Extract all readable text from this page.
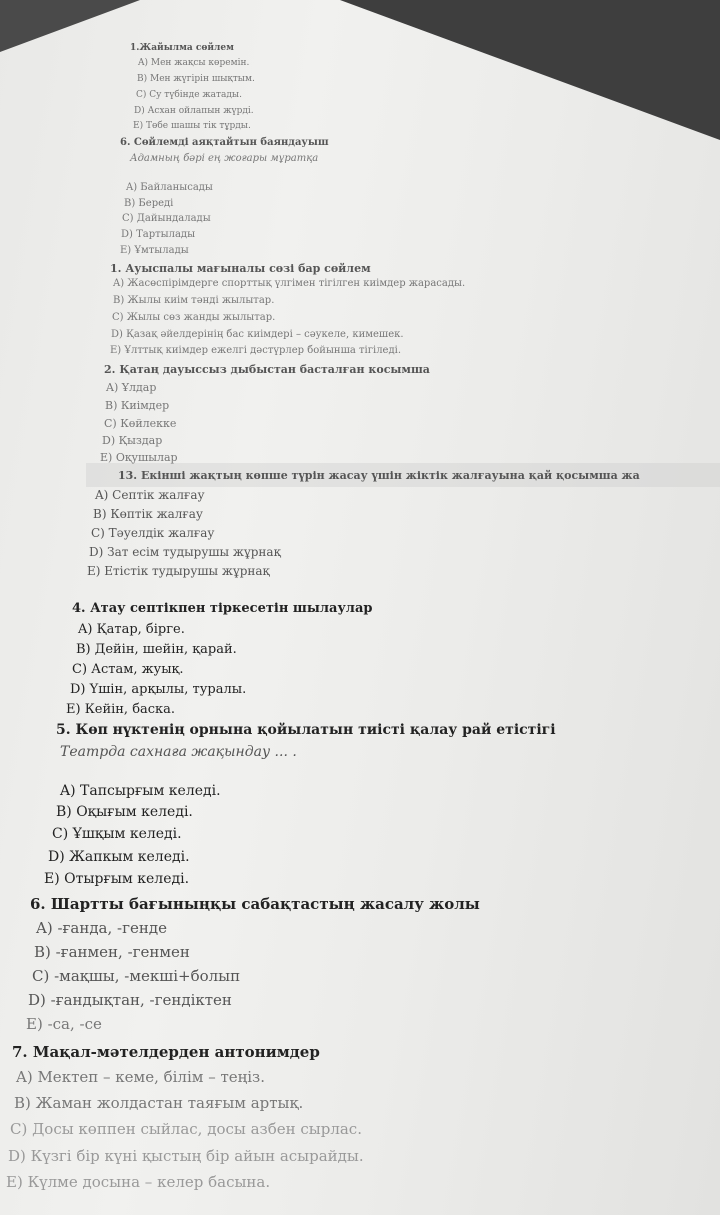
1.Жайылма сөйлем
A) Мен жақсы көремін.
B) Мен жүгірін шықтым.
C) Су түбінде жатады.
D) Асхан ойлапын жүрді.
E) Төбе шашы тік тұрды.
6. Сөйлемді аяқтайтын баяндауыш
Адамның бәрі ең жоғары мұратқа
A) Байланысады
B) Береді
C) Дайындалады
D) Тартылады
E) Ұмтылады
1. Ауыспалы мағыналы сөзі бар сөйлем
A) Жасөспірімдерге спорттық үлгімен тігілген киімдер жарасады.
B) Жылы киім тәнді жылытар.
C) Жылы сөз жанды жылытар.
D) Қазақ әйелдерінің бас киімдері – сәукеле, кимешек.
E) Ұлттық киімдер ежелгі дәстүрлер бойынша тігіледі.
2. Қатаң дауыссыз дыбыстан басталған косымша
A) Ұлдар
B) Киімдер
C) Көйлекке
D) Қыздар
E) Оқушылар
13. Екінші жақтың көпше түрін жасау үшін жіктік жалғауына қай қосымша жа
A) Септік жалғау
B) Көптік жалғау
C) Тәуелдік жалғау
D) Зат есім тудырушы жұрнақ
E) Етістік тудырушы жұрнақ
4. Атау септікпен тіркесетін шылаулар
A) Қатар, бірге.
B) Дейін, шейін, қарай.
C) Астам, жуық.
D) Үшін, арқылы, туралы.
E) Кейін, баска.
5. Көп нүктенің орнына қойылатын тиісті қалау рай етістігі
Театрда сахнаға жақындау ... .
A) Тапсырғым келеді.
B) Оқығым келеді.
C) Ұшқым келеді.
D) Жапкым келеді.
E) Отырғым келеді.
6. Шартты бағыныңқы сабақтастың жасалу жолы
A) -ғанда, -генде
B) -ғанмен, -генмен
C) -мақшы, -мекші+болып
D) -ғандықтан, -гендіктен
E) -са, -се
7. Мақал-мәтелдерден антонимдер
A) Мектеп – кеме, білім – теңіз.
B) Жаман жолдастан таяғым артық.
C) Досы көппен сыйлас, досы азбен сырлас.
D) Күзгі бір күні қыстың бір айын асырайды.
E) Күлме досына – келер басына.
